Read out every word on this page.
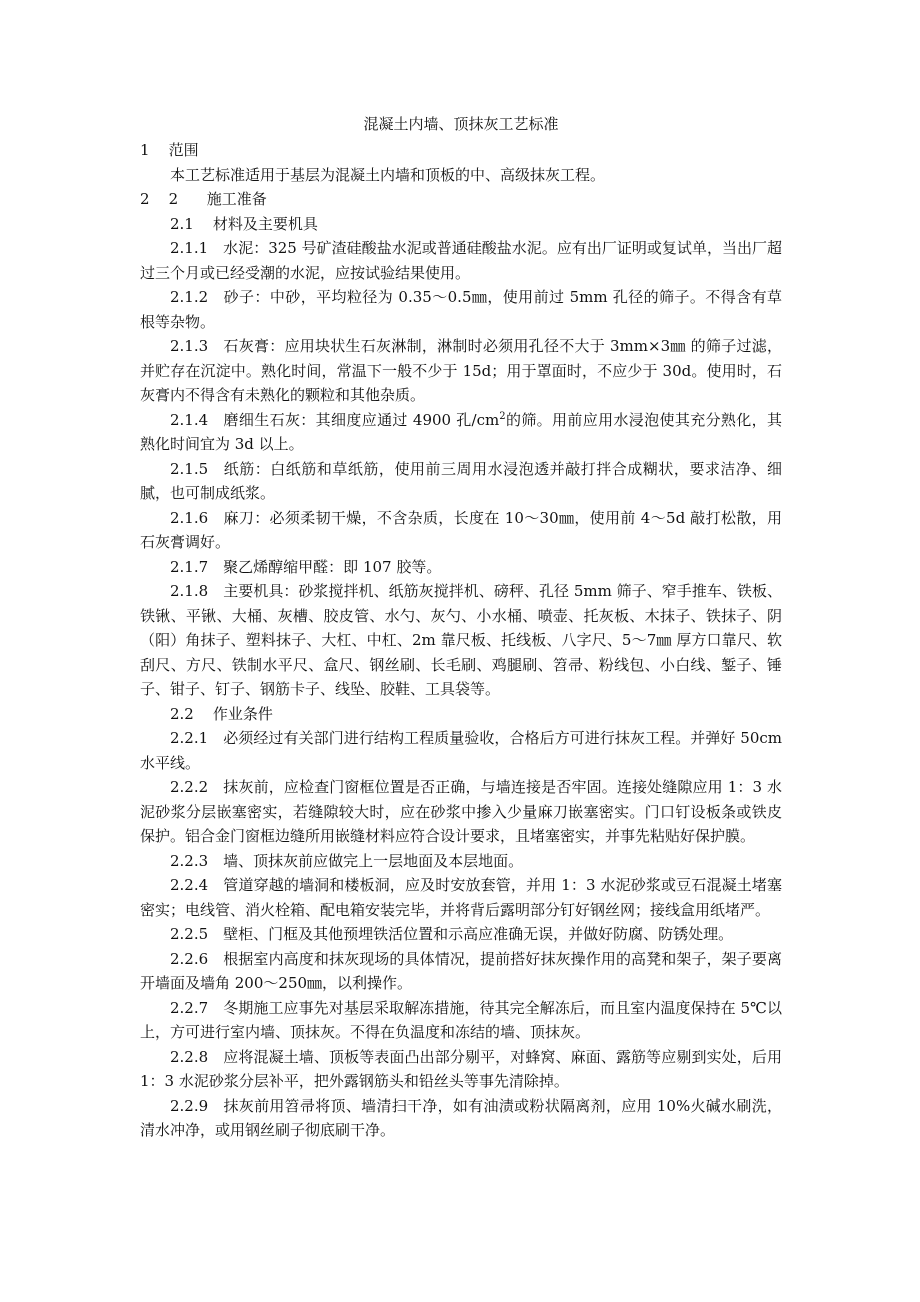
混凝土内墙、顶抹灰工艺标准
1    范围

本工艺标准适用于基层为混凝土内墙和顶板的中、高级抹灰工程。

2    2      施工准备
2.1    材料及主要机具

2.1.1  水泥：325 号矿渣硅酸盐水泥或普通硅酸盐水泥。应有出厂证明或复试单，当出厂超过三个月或已经受潮的水泥，应按试验结果使用。

2.1.2  砂子：中砂，平均粒径为 0.35～0.5㎜，使用前过 5mm 孔径的筛子。不得含有草根等杂物。

2.1.3  石灰膏：应用块状生石灰淋制，淋制时必须用孔径不大于 3mm×3㎜ 的筛子过滤，并贮存在沉淀中。熟化时间，常温下一般不少于 15d；用于罩面时，不应少于 30d。使用时，石灰膏内不得含有未熟化的颗粒和其他杂质。

2.1.4  磨细生石灰：其细度应通过 4900 孔$/cm^2$的筛。用前应用水浸泡使其充分熟化，其熟化时间宜为 3d 以上。

2.1.5  纸筋：白纸筋和草纸筋，使用前三周用水浸泡透并敲打拌合成糊状，要求洁净、细腻，也可制成纸浆。

2.1.6  麻刀：必须柔韧干燥，不含杂质，长度在 10～30㎜，使用前 4～5d 敲打松散，用石灰膏调好。

2.1.7  聚乙烯醇缩甲醛：即 107 胶等。

2.1.8  主要机具：砂浆搅拌机、纸筋灰搅拌机、磅秤、孔径 5mm 筛子、窄手推车、铁板、铁锹、平锹、大桶、灰槽、胶皮管、水勺、灰勺、小水桶、喷壶、托灰板、木抹子、铁抹子、阴（阳）角抹子、塑料抹子、大杠、中杠、2m 靠尺板、托线板、八字尺、5～7㎜ 厚方口靠尺、软刮尺、方尺、铁制水平尺、盒尺、钢丝刷、长毛刷、鸡腿刷、笤帚、粉线包、小白线、錾子、锤子、钳子、钉子、钢筋卡子、线坠、胶鞋、工具袋等。

2.2    作业条件

2.2.1  必须经过有关部门进行结构工程质量验收，合格后方可进行抹灰工程。并弹好 50cm 水平线。

2.2.2  抹灰前，应检查门窗框位置是否正确，与墙连接是否牢固。连接处缝隙应用 1：3 水泥砂浆分层嵌塞密实，若缝隙较大时，应在砂浆中掺入少量麻刀嵌塞密实。门口钉设板条或铁皮保护。铝合金门窗框边缝所用嵌缝材料应符合设计要求，且堵塞密实，并事先粘贴好保护膜。

2.2.3  墙、顶抹灰前应做完上一层地面及本层地面。

2.2.4  管道穿越的墙洞和楼板洞，应及时安放套管，并用 1：3 水泥砂浆或豆石混凝土堵塞密实；电线管、消火栓箱、配电箱安装完毕，并将背后露明部分钉好钢丝网；接线盒用纸堵严。

2.2.5  壁柜、门框及其他预埋铁活位置和示高应准确无误，并做好防腐、防锈处理。

2.2.6  根据室内高度和抹灰现场的具体情况，提前搭好抹灰操作用的高凳和架子，架子要离开墙面及墙角 200～250㎜，以利操作。

2.2.7  冬期施工应事先对基层采取解冻措施，待其完全解冻后，而且室内温度保持在 5℃以上，方可进行室内墙、顶抹灰。不得在负温度和冻结的墙、顶抹灰。

2.2.8  应将混凝土墙、顶板等表面凸出部分剔平，对蜂窝、麻面、露筋等应剔到实处，后用 1：3 水泥砂浆分层补平，把外露钢筋头和铅丝头等事先清除掉。

2.2.9  抹灰前用笤帚将顶、墙清扫干净，如有油渍或粉状隔离剂，应用 10%火碱水刷洗，清水冲净，或用钢丝刷子彻底刷干净。
